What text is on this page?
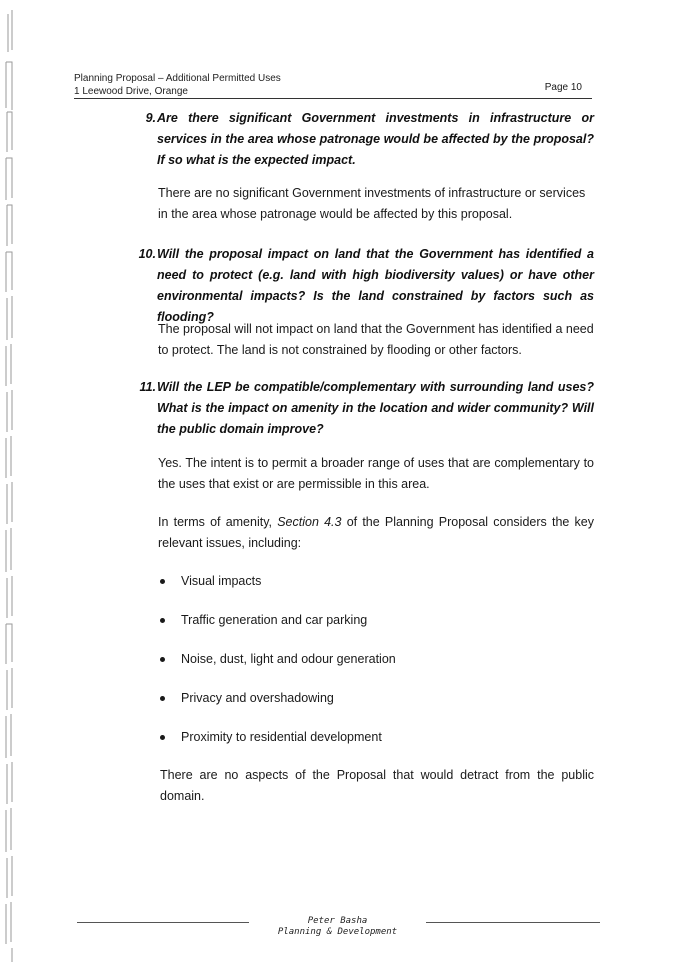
Planning Proposal – Additional Permitted Uses
1 Leewood Drive, Orange	Page 10
9. Are there significant Government investments in infrastructure or services in the area whose patronage would be affected by the proposal? If so what is the expected impact.
There are no significant Government investments of infrastructure or services in the area whose patronage would be affected by this proposal.
10. Will the proposal impact on land that the Government has identified a need to protect (e.g. land with high biodiversity values) or have other environmental impacts? Is the land constrained by factors such as flooding?
The proposal will not impact on land that the Government has identified a need to protect. The land is not constrained by flooding or other factors.
11. Will the LEP be compatible/complementary with surrounding land uses? What is the impact on amenity in the location and wider community? Will the public domain improve?
Yes. The intent is to permit a broader range of uses that are complementary to the uses that exist or are permissible in this area.
In terms of amenity, Section 4.3 of the Planning Proposal considers the key relevant issues, including:
Visual impacts
Traffic generation and car parking
Noise, dust, light and odour generation
Privacy and overshadowing
Proximity to residential development
There are no aspects of the Proposal that would detract from the public domain.
Peter Basha
Planning & Development
